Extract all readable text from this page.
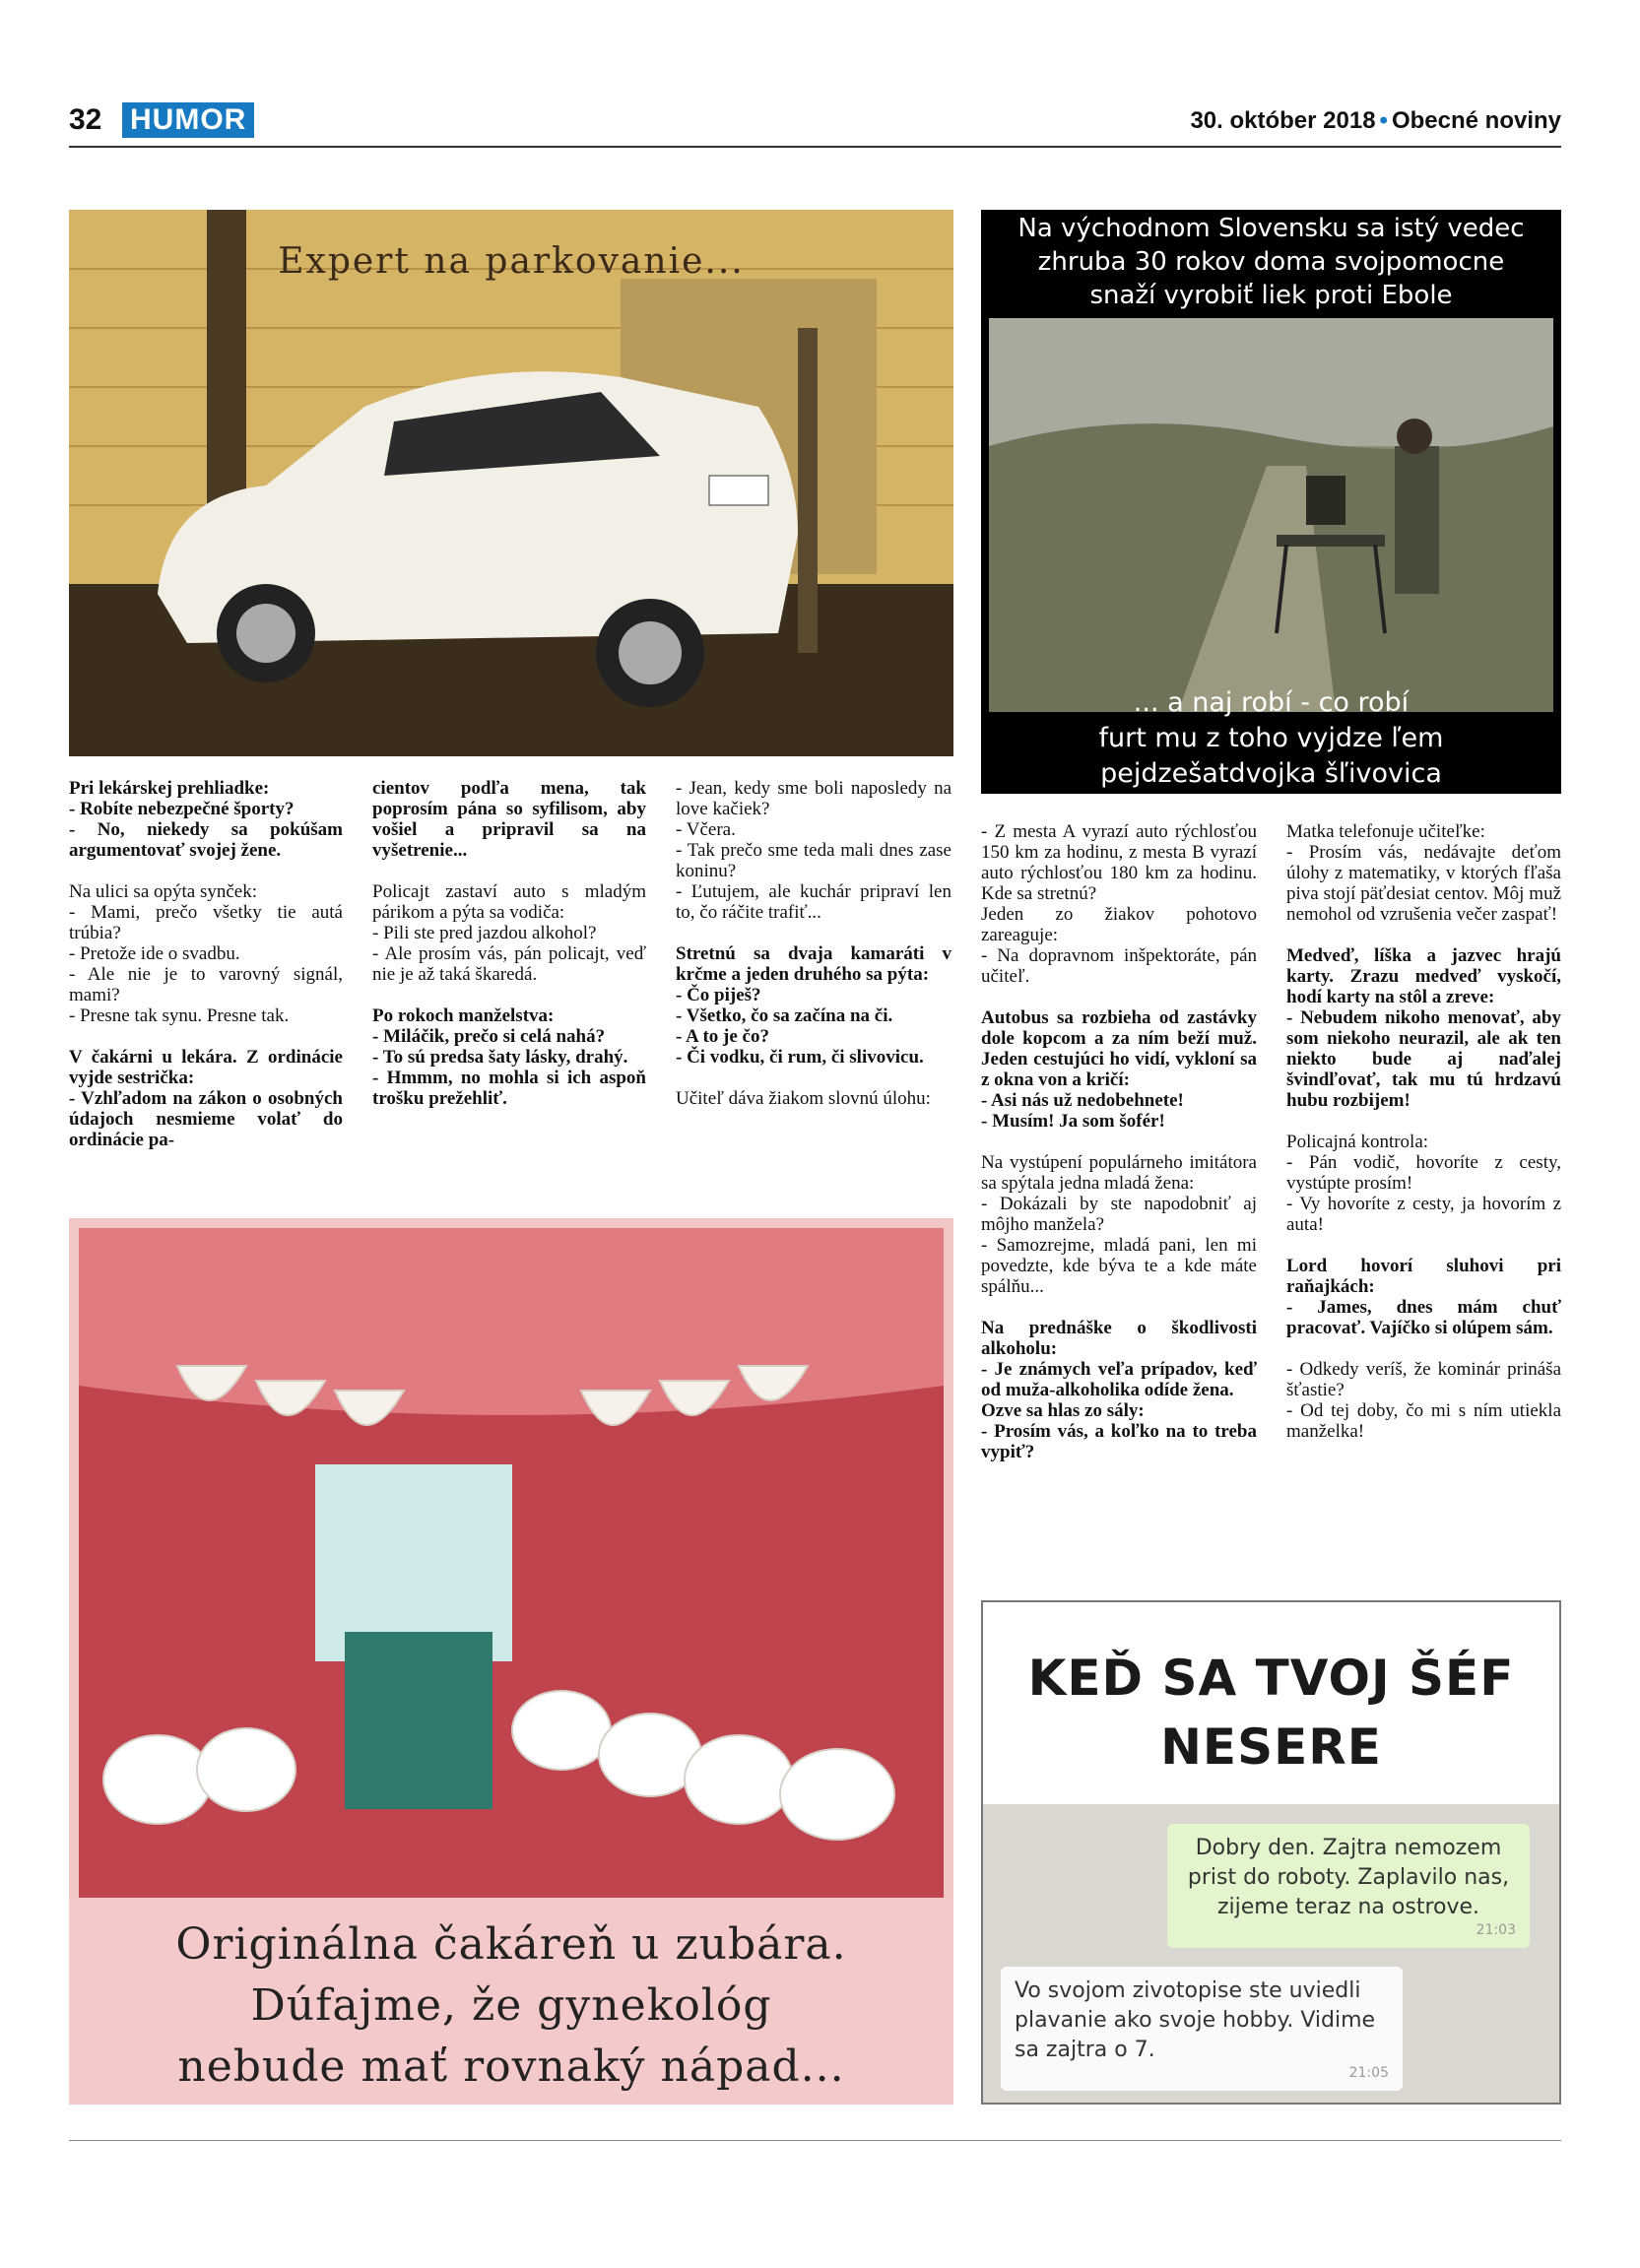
32 HUMOR	30. október 2018 • Obecné noviny
Expert na parkovanie...
Na východnom Slovensku sa istý vedec
zhruba 30 rokov doma svojpomocne
snaží vyrobiť liek proti Ebole
... a naj robí - co robí
furt mu z toho vyjdze ľem
pejdzešatdvojka šľivovica

Pri lekárskej prehliadke:
- Robíte nebezpečné športy?
- No, niekedy sa pokúšam argumentovať svojej žene.

Na ulici sa opýta synček:
- Mami, prečo všetky tie autá trúbia?
- Pretože ide o svadbu.
- Ale nie je to varovný signál, mami?
- Presne tak synu. Presne tak.

V čakárni u lekára. Z ordinácie vyjde sestrička:
- Vzhľadom na zákon o osobných údajoch nesmieme volať do ordinácie pa-

cientov podľa mena, tak poprosím pána so syfilisom, aby vošiel a pripravil sa na vyšetrenie...

Policajt zastaví auto s mladým párikom a pýta sa vodiča:
- Pili ste pred jazdou alkohol?
- Ale prosím vás, pán policajt, veď nie je až taká škaredá.

Po rokoch manželstva:
- Miláčik, prečo si celá nahá?
- To sú predsa šaty lásky, drahý.
- Hmmm, no mohla si ich aspoň trošku prežehliť.

- Jean, kedy sme boli naposledy na love kačiek?
- Včera.
- Tak prečo sme teda mali dnes zase koninu?
- Ľutujem, ale kuchár pripraví len to, čo ráčite trafiť...

Stretnú sa dvaja kamaráti v krčme a jeden druhého sa pýta:
- Čo piješ?
- Všetko, čo sa začína na či.
- A to je čo?
- Či vodku, či rum, či slivovicu.

Učiteľ dáva žiakom slovnú úlohu:

- Z mesta A vyrazí auto rýchlosťou 150 km za hodinu, z mesta B vyrazí auto rýchlosťou 180 km za hodinu. Kde sa stretnú?
Jeden zo žiakov pohotovo zareaguje:
- Na dopravnom inšpektoráte, pán učiteľ.

Autobus sa rozbieha od zastávky dole kopcom a za ním beží muž. Jeden cestujúci ho vidí, vykloní sa z okna von a kričí:
- Asi nás už nedobehnete!
- Musím! Ja som šofér!

Na vystúpení populárneho imitátora sa spýtala jedna mladá žena:
- Dokázali by ste napodobniť aj môjho manžela?
- Samozrejme, mladá pani, len mi povedzte, kde býva te a kde máte spálňu...

Na prednáške o škodlivosti alkoholu:
- Je známych veľa prípadov, keď od muža-alkoholika odíde žena.
Ozve sa hlas zo sály:
- Prosím vás, a koľko na to treba vypiť?

Matka telefonuje učiteľke:
- Prosím vás, nedávajte deťom úlohy z matematiky, v ktorých fľaša piva stojí päťdesiat centov. Môj muž nemohol od vzrušenia večer zaspať!

Medveď, líška a jazvec hrajú karty. Zrazu medveď vyskočí, hodí karty na stôl a zreve:
- Nebudem nikoho menovať, aby som niekoho neurazil, ale ak ten niekto bude aj naďalej švindľovať, tak mu tú hrdzavú hubu rozbijem!

Policajná kontrola:
- Pán vodič, hovoríte z cesty, vystúpte prosím!
- Vy hovoríte z cesty, ja hovorím z auta!

Lord hovorí sluhovi pri raňajkách:
- James, dnes mám chuť pracovať. Vajíčko si olúpem sám.

- Odkedy veríš, že kominár prináša šťastie?
- Od tej doby, čo mi s ním utiekla manželka!

Originálna čakáreň u zubára.
Dúfajme, že gynekológ
nebude mať rovnaký nápad...
KEĎ SA TVOJ ŠÉF
NESERE
Dobry den. Zajtra nemozem prist do roboty. Zaplavilo nas, zijeme teraz na ostrove.
21:03
Vo svojom zivotopise ste uviedli plavanie ako svoje hobby. Vidime sa zajtra o 7.
21:05
